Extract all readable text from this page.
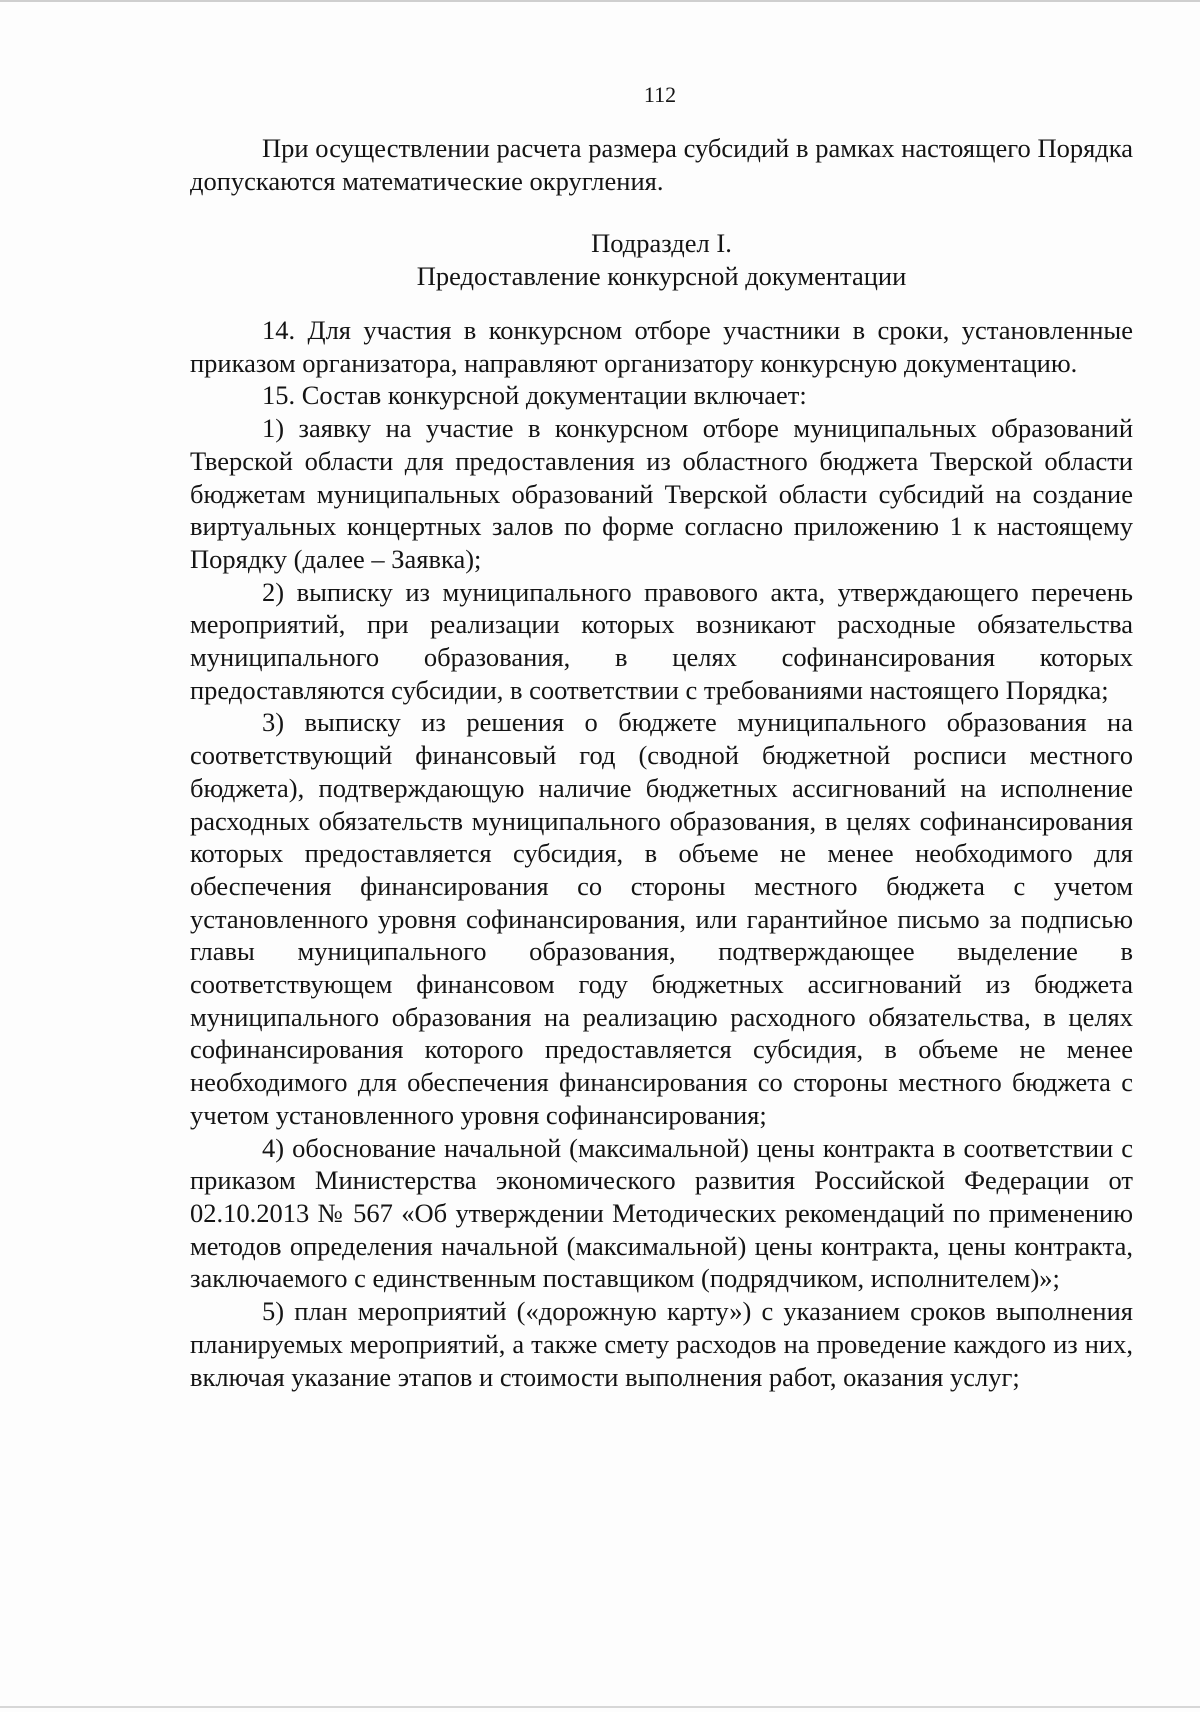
112

При осуществлении расчета размера субсидий в рамках настоящего Порядка допускаются математические округления.

Подраздел I.

Предоставление конкурсной документации

14. Для участия в конкурсном отборе участники в сроки, установленные приказом организатора, направляют организатору конкурсную документацию.

15. Состав конкурсной документации включает:

1) заявку на участие в конкурсном отборе муниципальных образований Тверской области для предоставления из областного бюджета Тверской области бюджетам муниципальных образований Тверской области субсидий на создание виртуальных концертных залов по форме согласно приложению 1 к настоящему Порядку (далее – Заявка);

2) выписку из муниципального правового акта, утверждающего перечень мероприятий, при реализации которых возникают расходные обязательства муниципального образования, в целях софинансирования которых предоставляются субсидии, в соответствии с требованиями настоящего Порядка;

3) выписку из решения о бюджете муниципального образования на соответствующий финансовый год (сводной бюджетной росписи местного бюджета), подтверждающую наличие бюджетных ассигнований на исполнение расходных обязательств муниципального образования, в целях софинансирования которых предоставляется субсидия, в объеме не менее необходимого для обеспечения финансирования со стороны местного бюджета с учетом установленного уровня софинансирования, или гарантийное письмо за подписью главы муниципального образования, подтверждающее выделение в соответствующем финансовом году бюджетных ассигнований из бюджета муниципального образования на реализацию расходного обязательства, в целях софинансирования которого предоставляется субсидия, в объеме не менее необходимого для обеспечения финансирования со стороны местного бюджета с учетом установленного уровня софинансирования;

4) обоснование начальной (максимальной) цены контракта в соответствии с приказом Министерства экономического развития Российской Федерации от 02.10.2013 № 567 «Об утверждении Методических рекомендаций по применению методов определения начальной (максимальной) цены контракта, цены контракта, заключаемого с единственным поставщиком (подрядчиком, исполнителем)»;

5) план мероприятий («дорожную карту») с указанием сроков выполнения планируемых мероприятий, а также смету расходов на проведение каждого из них, включая указание этапов и стоимости выполнения работ, оказания услуг;
